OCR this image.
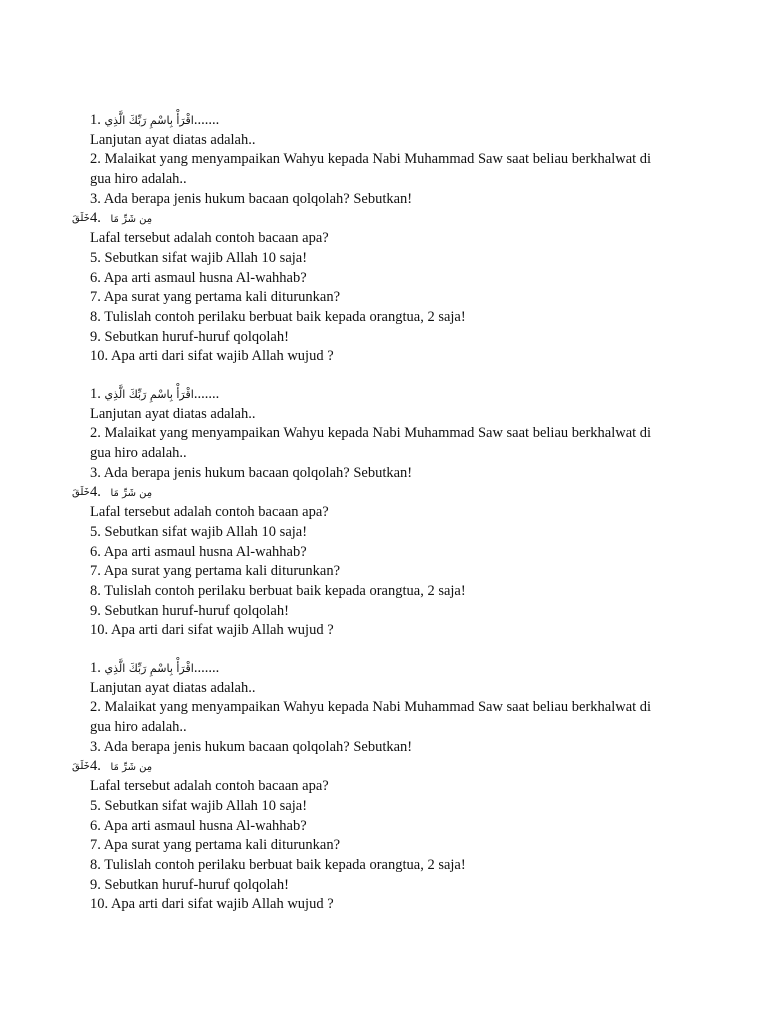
1. اقْرَأْ بِاسْمِ رَبِّكَ الَّذِي.......
Lanjutan ayat diatas adalah..
2. Malaikat yang menyampaikan Wahyu kepada Nabi Muhammad Saw saat beliau berkhalwat di
gua hiro adalah..
3. Ada berapa jenis hukum bacaan qolqolah? Sebutkan!
خَلَقَ 4. مِن شَرِّ مَا
Lafal tersebut adalah contoh bacaan apa?
5. Sebutkan sifat wajib Allah 10 saja!
6. Apa arti asmaul husna Al-wahhab?
7. Apa surat yang pertama kali diturunkan?
8. Tulislah contoh perilaku berbuat baik kepada orangtua, 2 saja!
9. Sebutkan huruf-huruf qolqolah!
10. Apa arti dari sifat wajib Allah wujud ?
1. اقْرَأْ بِاسْمِ رَبِّكَ الَّذِي.......
Lanjutan ayat diatas adalah..
2. Malaikat yang menyampaikan Wahyu kepada Nabi Muhammad Saw saat beliau berkhalwat di
gua hiro adalah..
3. Ada berapa jenis hukum bacaan qolqolah? Sebutkan!
خَلَقَ 4. مِن شَرِّ مَا
Lafal tersebut adalah contoh bacaan apa?
5. Sebutkan sifat wajib Allah 10 saja!
6. Apa arti asmaul husna Al-wahhab?
7. Apa surat yang pertama kali diturunkan?
8. Tulislah contoh perilaku berbuat baik kepada orangtua, 2 saja!
9. Sebutkan huruf-huruf qolqolah!
10. Apa arti dari sifat wajib Allah wujud ?
1. اقْرَأْ بِاسْمِ رَبِّكَ الَّذِي.......
Lanjutan ayat diatas adalah..
2. Malaikat yang menyampaikan Wahyu kepada Nabi Muhammad Saw saat beliau berkhalwat di
gua hiro adalah..
3. Ada berapa jenis hukum bacaan qolqolah? Sebutkan!
خَلَقَ 4. مِن شَرِّ مَا
Lafal tersebut adalah contoh bacaan apa?
5. Sebutkan sifat wajib Allah 10 saja!
6. Apa arti asmaul husna Al-wahhab?
7. Apa surat yang pertama kali diturunkan?
8. Tulislah contoh perilaku berbuat baik kepada orangtua, 2 saja!
9. Sebutkan huruf-huruf qolqolah!
10. Apa arti dari sifat wajib Allah wujud ?
